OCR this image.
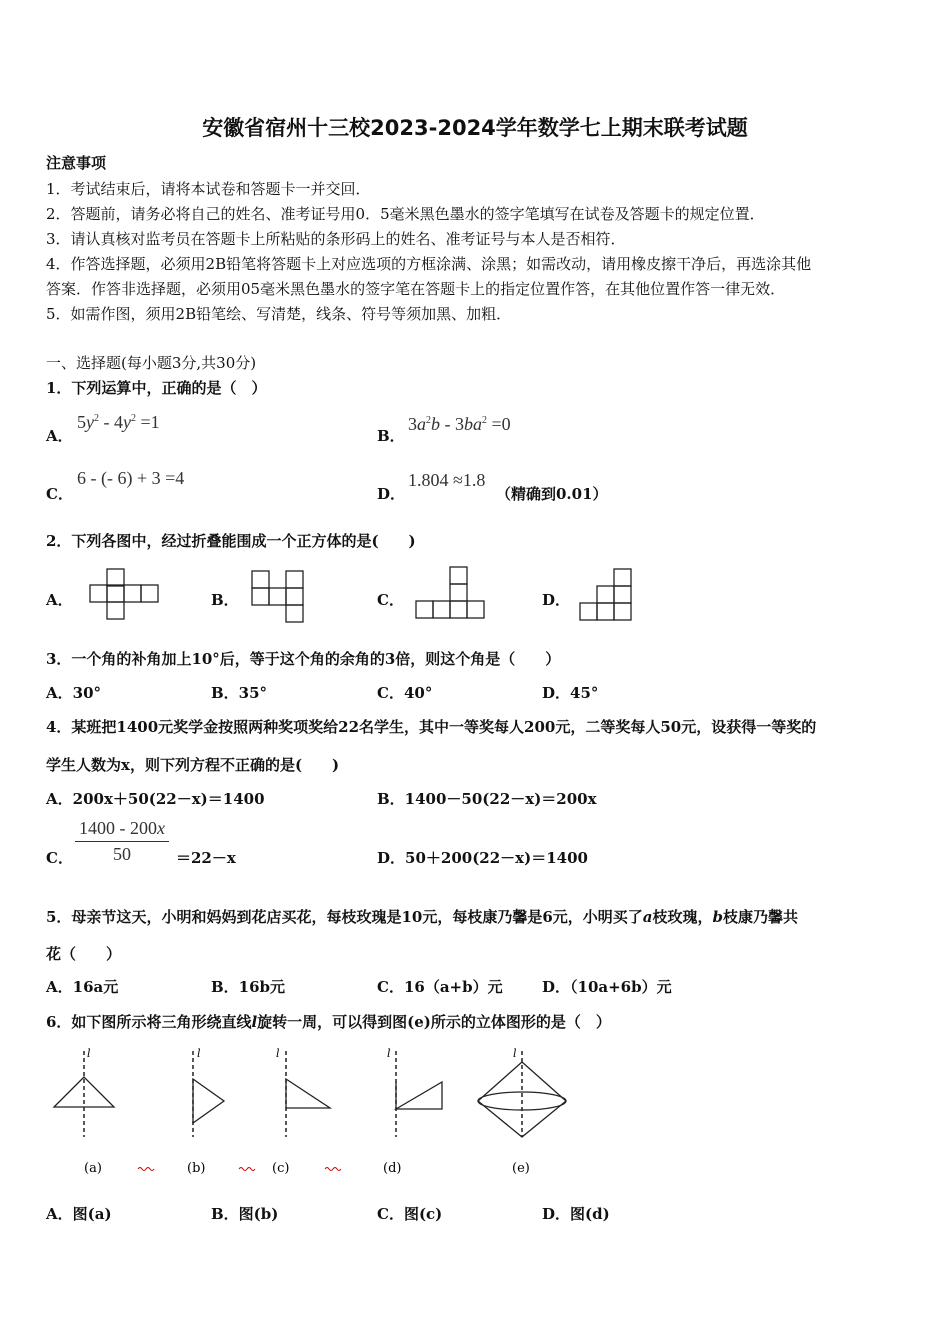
安徽省宿州十三校2023-2024学年数学七上期末联考试题
注意事项
1．考试结束后，请将本试卷和答题卡一并交回．
2．答题前，请务必将自己的姓名、准考证号用0．5毫米黑色墨水的签字笔填写在试卷及答题卡的规定位置．
3．请认真核对监考员在答题卡上所粘贴的条形码上的姓名、准考证号与本人是否相符．
4．作答选择题，必须用2B铅笔将答题卡上对应选项的方框涂满、涂黑；如需改动，请用橡皮擦干净后，再选涂其他
答案．作答非选择题，必须用05毫米黑色墨水的签字笔在答题卡上的指定位置作答，在其他位置作答一律无效．
5．如需作图，须用2B铅笔绘、写清楚，线条、符号等须加黑、加粗．
一、选择题(每小题3分,共30分)
1．下列运算中，正确的是（　）
A．
$5y^2 - 4y^2 =1$
B．
$3a^2b - 3ba^2 =0$
C．
6 - (- 6) + 3 =4
D．
1.804 ≈1.8
（精确到0.01）
2．下列各图中，经过折叠能围成一个正方体的是(　　)
A．	B．	C．	D．
3．一个角的补角加上10°后，等于这个角的余角的3倍，则这个角是（　　）
A．30°	B．35°	C．40°	D．45°
4．某班把1400元奖学金按照两种奖项奖给22名学生，其中一等奖每人200元，二等奖每人50元，设获得一等奖的
学生人数为x，则下列方程不正确的是(　　)
A．200x＋50(22－x)＝1400	B．1400－50(22－x)＝200x
C． $\frac{1400 - 200x}{50} =22-x$	D．50＋200(22－x)＝1400
5．母亲节这天，小明和妈妈到花店买花，每枝玫瑰是10元，每枝康乃馨是6元，小明买了a枝玫瑰，b枝康乃馨共
花（　　）
A．16a元	B．16b元	C．16（a+b）元	D．（10a+6b）元
6．如下图所示将三角形绕直线l旋转一周，可以得到图(e)所示的立体图形的是（　）
l	l	l	l	l
(a)	(b)	(c)	(d)	(e)
A．图(a)	B．图(b)	C．图(c)	D．图(d)
